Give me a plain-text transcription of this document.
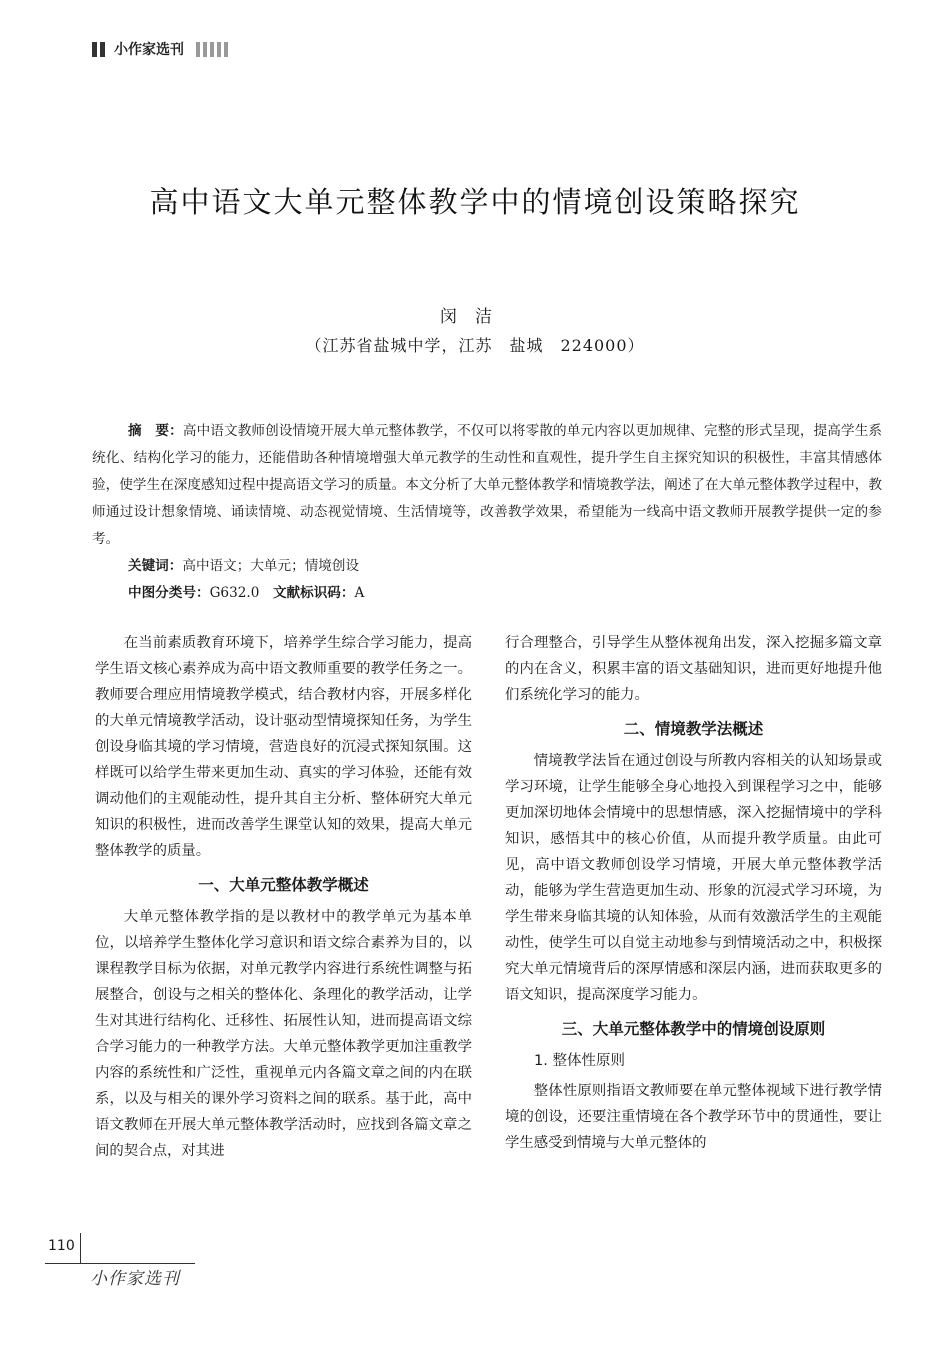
小作家选刊
高中语文大单元整体教学中的情境创设策略探究
闵洁
（江苏省盐城中学，江苏　盐城　224000）

摘　要：高中语文教师创设情境开展大单元整体教学，不仅可以将零散的单元内容以更加规律、完整的形式呈现，提高学生系统化、结构化学习的能力，还能借助各种情境增强大单元教学的生动性和直观性，提升学生自主探究知识的积极性，丰富其情感体验，使学生在深度感知过程中提高语文学习的质量。本文分析了大单元整体教学和情境教学法，阐述了在大单元整体教学过程中，教师通过设计想象情境、诵读情境、动态视觉情境、生活情境等，改善教学效果，希望能为一线高中语文教师开展教学提供一定的参考。

关键词：高中语文；大单元；情境创设

中图分类号：G632.0　 文献标识码：A

在当前素质教育环境下，培养学生综合学习能力，提高学生语文核心素养成为高中语文教师重要的教学任务之一。教师要合理应用情境教学模式，结合教材内容，开展多样化的大单元情境教学活动，设计驱动型情境探知任务，为学生创设身临其境的学习情境，营造良好的沉浸式探知氛围。这样既可以给学生带来更加生动、真实的学习体验，还能有效调动他们的主观能动性，提升其自主分析、整体研究大单元知识的积极性，进而改善学生课堂认知的效果，提高大单元整体教学的质量。

一、大单元整体教学概述

大单元整体教学指的是以教材中的教学单元为基本单位，以培养学生整体化学习意识和语文综合素养为目的，以课程教学目标为依据，对单元教学内容进行系统性调整与拓展整合，创设与之相关的整体化、条理化的教学活动，让学生对其进行结构化、迁移性、拓展性认知，进而提高语文综合学习能力的一种教学方法。大单元整体教学更加注重教学内容的系统性和广泛性，重视单元内各篇文章之间的内在联系，以及与相关的课外学习资料之间的联系。基于此，高中语文教师在开展大单元整体教学活动时，应找到各篇文章之间的契合点，对其进

行合理整合，引导学生从整体视角出发，深入挖掘多篇文章的内在含义，积累丰富的语文基础知识，进而更好地提升他们系统化学习的能力。

二、情境教学法概述

情境教学法旨在通过创设与所教内容相关的认知场景或学习环境，让学生能够全身心地投入到课程学习之中，能够更加深切地体会情境中的思想情感，深入挖掘情境中的学科知识，感悟其中的核心价值，从而提升教学质量。由此可见，高中语文教师创设学习情境，开展大单元整体教学活动，能够为学生营造更加生动、形象的沉浸式学习环境，为学生带来身临其境的认知体验，从而有效激活学生的主观能动性，使学生可以自觉主动地参与到情境活动之中，积极探究大单元情境背后的深厚情感和深层内涵，进而获取更多的语文知识，提高深度学习能力。

三、大单元整体教学中的情境创设原则
1. 整体性原则

整体性原则指语文教师要在单元整体视域下进行教学情境的创设，还要注重情境在各个教学环节中的贯通性，要让学生感受到情境与大单元整体的

110
小作家选刊
